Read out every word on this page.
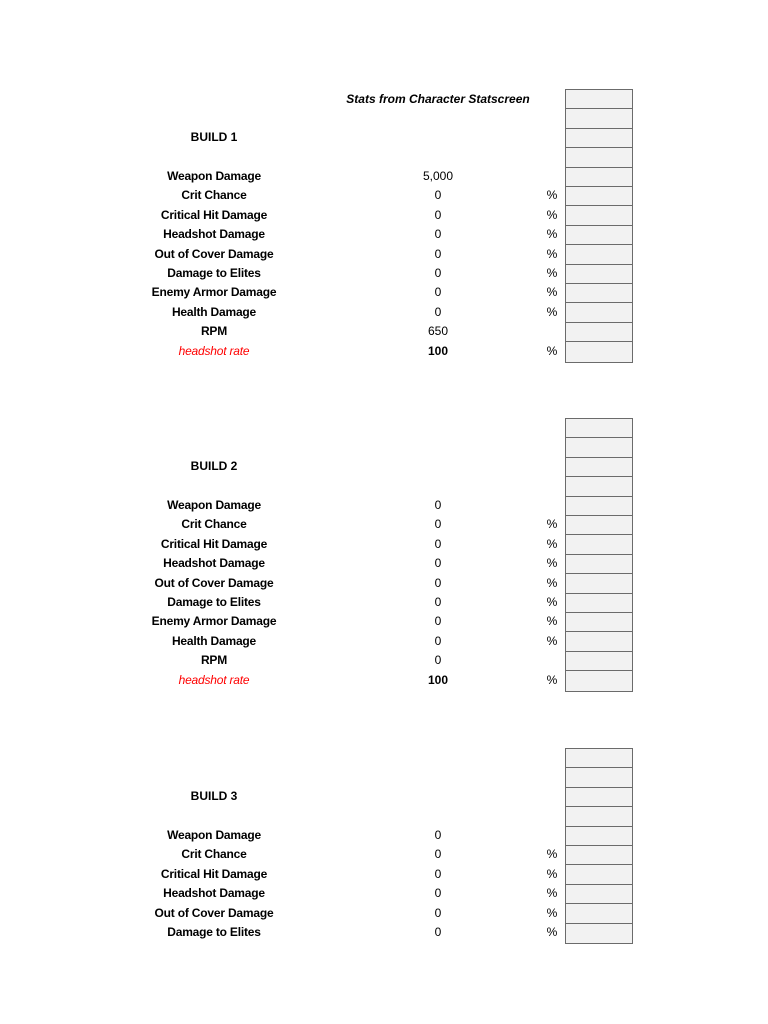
Stats from Character Statscreen
BUILD 1
Weapon Damage	5,000
Crit Chance	0	%
Critical Hit Damage	0	%
Headshot Damage	0	%
Out of Cover Damage	0	%
Damage to Elites	0	%
Enemy Armor Damage	0	%
Health Damage	0	%
RPM	650
headshot rate	100	%
BUILD 2
Weapon Damage	0
Crit Chance	0	%
Critical Hit Damage	0	%
Headshot Damage	0	%
Out of Cover Damage	0	%
Damage to Elites	0	%
Enemy Armor Damage	0	%
Health Damage	0	%
RPM	0
headshot rate	100	%
BUILD 3
Weapon Damage	0
Crit Chance	0	%
Critical Hit Damage	0	%
Headshot Damage	0	%
Out of Cover Damage	0	%
Damage to Elites	0	%
